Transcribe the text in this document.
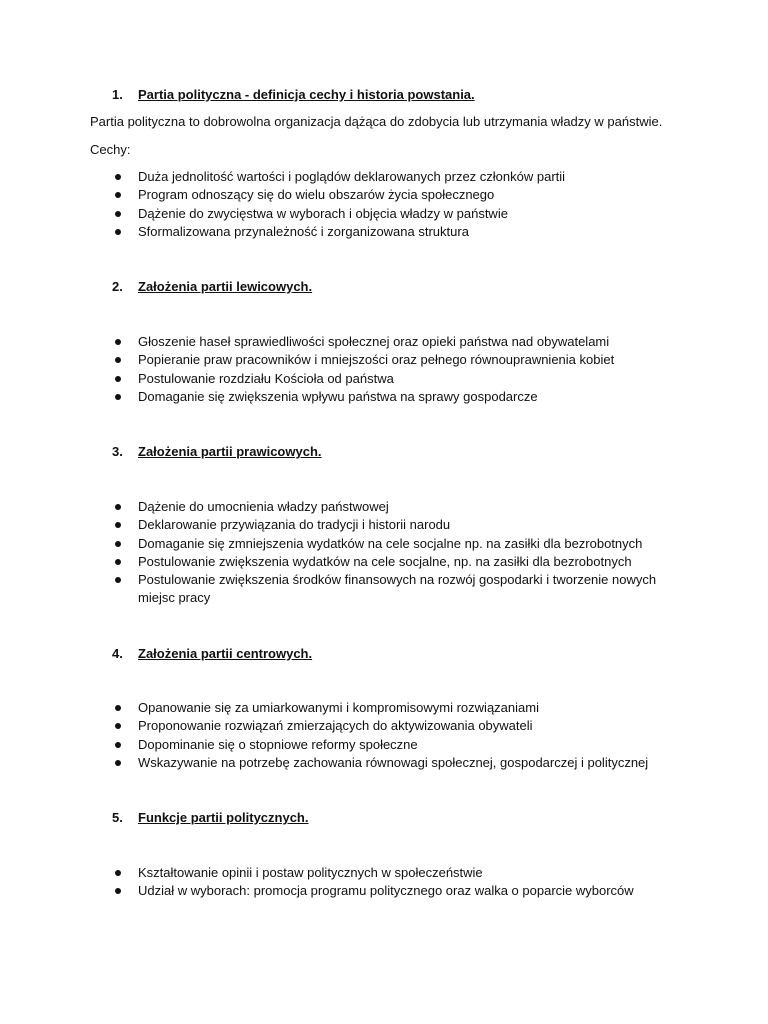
1. Partia polityczna - definicja cechy i historia powstania.
Partia polityczna to dobrowolna organizacja dążąca do zdobycia lub utrzymania władzy w państwie.
Cechy:
Duża jednolitość wartości i poglądów deklarowanych przez członków partii
Program odnoszący się do wielu obszarów życia społecznego
Dążenie do zwycięstwa w wyborach i objęcia władzy w państwie
Sformalizowana przynależność i zorganizowana struktura
2. Założenia partii lewicowych.
Głoszenie haseł sprawiedliwości społecznej oraz opieki państwa nad obywatelami
Popieranie praw pracowników i mniejszości oraz pełnego równouprawnienia kobiet
Postulowanie rozdziału Kościoła od państwa
Domaganie się zwiększenia wpływu państwa na sprawy gospodarcze
3. Założenia partii prawicowych.
Dążenie do umocnienia władzy państwowej
Deklarowanie przywiązania do tradycji i historii narodu
Domaganie się zmniejszenia wydatków na cele socjalne np. na zasiłki dla bezrobotnych
Postulowanie zwiększenia wydatków na cele socjalne, np. na zasiłki dla bezrobotnych
Postulowanie zwiększenia środków finansowych na rozwój gospodarki i tworzenie nowych miejsc pracy
4. Założenia partii centrowych.
Opanowanie się za umiarkowanymi i kompromisowymi rozwiązaniami
Proponowanie rozwiązań zmierzających do aktywizowania obywateli
Dopominanie się o stopniowe reformy społeczne
Wskazywanie na potrzebę zachowania równowagi społecznej, gospodarczej i politycznej
5. Funkcje partii politycznych.
Kształtowanie opinii i postaw politycznych w społeczeństwie
Udział w wyborach: promocja programu politycznego oraz walka o poparcie wyborców
